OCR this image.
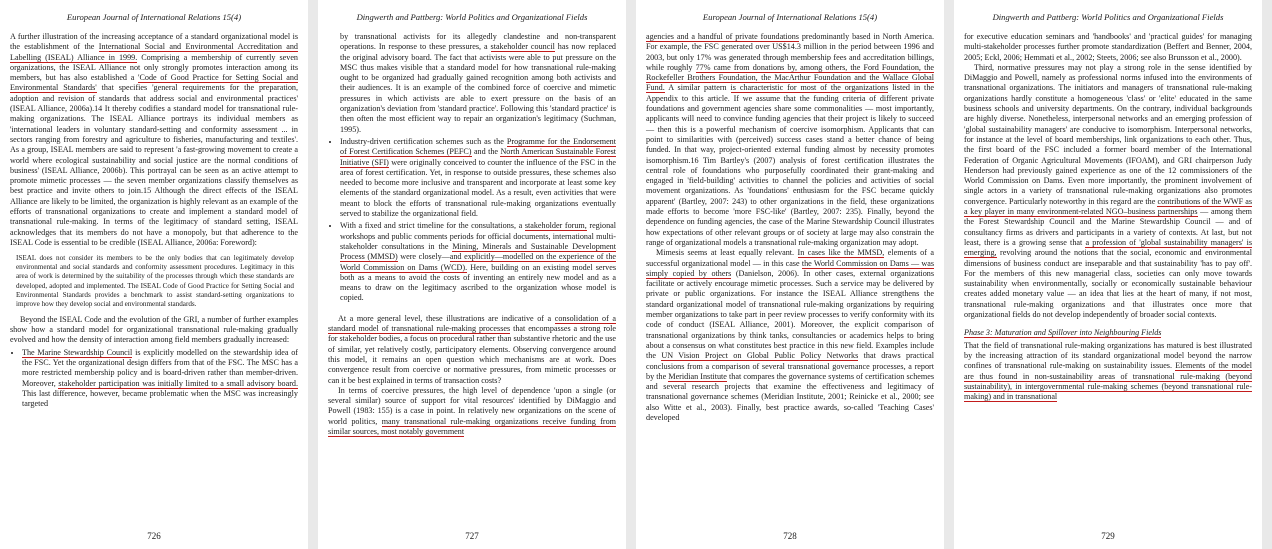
European Journal of International Relations 15(4)

A further illustration of the increasing acceptance of a standard organizational model is the establishment of the International Social and Environmental Accreditation and Labelling (ISEAL) Alliance in 1999. Comprising a membership of currently seven organizations, the ISEAL Alliance not only strongly promotes interaction among its members, but has also established a 'Code of Good Practice for Setting Social and Environmental Standards' that specifies 'general requirements for the preparation, adoption and revision of standards that address social and environmental practices' (ISEAL Alliance, 2006a).14 It thereby codifies a standard model for transnational rule-making organizations. The ISEAL Alliance portrays its individual members as 'international leaders in voluntary standard-setting and conformity assessment ... in sectors ranging from forestry and agriculture to fisheries, manufacturing and textiles'. As a group, ISEAL members are said to represent 'a fast-growing movement to create a world where ecological sustainability and social justice are the normal conditions of business' (ISEAL Alliance, 2006b). This portrayal can be seen as an active attempt to promote mimetic processes — the seven member organizations classify themselves as best practice and invite others to join.15 Although the direct effects of the ISEAL Alliance are likely to be limited, the organization is highly relevant as an example of the efforts of transnational organizations to create and implement a standard model of transnational rule-making. In terms of the legitimacy of standard setting, ISEAL acknowledges that its members do not have a monopoly, but that adherence to the ISEAL Code is essential to be credible (ISEAL Alliance, 2006a: Foreword):

ISEAL does not consider its members to be the only bodies that can legitimately develop environmental and social standards and conformity assessment procedures. Legitimacy in this area of work is determined by the suitability of the processes through which these standards are developed, adopted and implemented. The ISEAL Code of Good Practice for Setting Social and Environmental Standards provides a benchmark to assist standard-setting organizations to improve how they develop social and environmental standards.

Beyond the ISEAL Code and the evolution of the GRI, a number of further examples show how a standard model for organizational transnational rule-making gradually evolved and how the density of interaction among field members gradually increased:

• The Marine Stewardship Council is explicitly modelled on the stewardship idea of the FSC. Yet the organizational design differs from that of the FSC. The MSC has a more restricted membership policy and is board-driven rather than member-driven. Moreover, stakeholder participation was initially limited to a small advisory board. This last difference, however, became problematic when the MSC was increasingly targeted
726
Dingwerth and Pattberg: World Politics and Organizational Fields

by transnational activists for its allegedly clandestine and non-transparent operations. In response to these pressures, a stakeholder council has now replaced the original advisory board. The fact that activists were able to put pressure on the MSC thus makes visible that a standard model for how transnational rule-making ought to be organized had gradually gained recognition among both activists and their audiences. It is an example of the combined force of coercive and mimetic pressures in which activists are able to exert pressure on the basis of an organization's deviation from 'standard practice'. Following this 'standard practice' is then often the most efficient way to repair an organization's legitimacy (Suchman, 1995).

• Industry-driven certification schemes such as the Programme for the Endorsement of Forest Certification Schemes (PEFC) and the North American Sustainable Forest Initiative (SFI) were originally conceived to counter the influence of the FSC in the area of forest certification. Yet, in response to outside pressures, these schemes also needed to become more inclusive and transparent and incorporate at least some key elements of the standard organizational model. As a result, even activities that were meant to block the efforts of transnational rule-making organizations eventually served to stabilize the organizational field.
• With a fixed and strict timeline for the consultations, a stakeholder forum, regional workshops and public comments periods for official documents, international multi-stakeholder consultations in the Mining, Minerals and Sustainable Development Process (MMSD) were closely—and explicitly—modelled on the experience of the World Commission on Dams (WCD). Here, building on an existing model serves both as a means to avoid the costs of inventing an entirely new model and as a means to draw on the legitimacy ascribed to the organization whose model is copied.

At a more general level, these illustrations are indicative of a consolidation of a standard model of transnational rule-making processes that encompasses a strong role for stakeholder bodies, a focus on procedural rather than substantive rhetoric and the use of similar, yet relatively costly, participatory elements. Observing convergence around this model, it remains an open question which mechanisms are at work. Does convergence result from coercive or normative pressures, from mimetic processes or can it be best explained in terms of transaction costs?

In terms of coercive pressures, the high level of dependence 'upon a single (or several similar) source of support for vital resources' identified by DiMaggio and Powell (1983: 155) is a case in point. In relatively new organizations on the scene of world politics, many transnational rule-making organizations receive funding from similar sources, most notably government

727
European Journal of International Relations 15(4)

agencies and a handful of private foundations predominantly based in North America. For example, the FSC generated over US$14.3 million in the period between 1996 and 2003, but only 17% was generated through membership fees and accreditation billings, while roughly 77% came from donations by, among others, the Ford Foundation, the Rockefeller Brothers Foundation, the MacArthur Foundation and the Wallace Global Fund. A similar pattern is characteristic for most of the organizations listed in the Appendix to this article. If we assume that the funding criteria of different private foundations and government agencies share some commonalities — most importantly, applicants will need to convince funding agencies that their project is likely to succeed — then this is a powerful mechanism of coercive isomorphism. Applicants that can point to similarities with (perceived) success cases stand a better chance of being funded. In that way, project-oriented external funding almost by necessity promotes isomorphism.16 Tim Bartley's (2007) analysis of forest certification illustrates the central role of foundations who purposefully coordinated their grant-making and engaged in 'field-building' activities to channel the policies and activities of social movement organizations. As 'foundations' enthusiasm for the FSC became quickly apparent' (Bartley, 2007: 243) to other organizations in the field, these organizations made efforts to become 'more FSC-like' (Bartley, 2007: 235). Finally, beyond the dependence on funding agencies, the case of the Marine Stewardship Council illustrates how expectations of other relevant groups or of society at large may also constrain the range of organizational models a transnational rule-making organization may adopt.

Mimesis seems at least equally relevant. In cases like the MMSD, elements of a successful organizational model — in this case the World Commission on Dams — was simply copied by others (Danielson, 2006). In other cases, external organizations facilitate or actively encourage mimetic processes. Such a service may be delivered by private or public organizations. For instance the ISEAL Alliance strengthens the standard organizational model of transnational rule-making organizations by requiring member organizations to take part in peer review processes to verify conformity with its code of conduct (ISEAL Alliance, 2001). Moreover, the explicit comparison of transnational organizations by think tanks, consultancies or academics helps to bring about a consensus on what constitutes best practice in this new field. Examples include the UN Vision Project on Global Public Policy Networks that draws practical conclusions from a comparison of several transnational governance processes, a report by the Meridian Institute that compares the governance systems of certification schemes and several research projects that examine the effectiveness and legitimacy of transnational governance schemes (Meridian Institute, 2001; Reinicke et al., 2000; see also Witte et al., 2003). Finally, best practice awards, so-called 'Teaching Cases' developed

728
Dingwerth and Pattberg: World Politics and Organizational Fields

for executive education seminars and 'handbooks' and 'practical guides' for managing multi-stakeholder processes further promote standardization (Beffert and Benner, 2004, 2005; Eckl, 2006; Hemmati et al., 2002; Steets, 2006; see also Brunsson et al., 2000).

Third, normative pressures may not play a strong role in the sense identified by DiMaggio and Powell, namely as professional norms infused into the environments of transnational organizations. The initiators and managers of transnational rule-making organizations hardly constitute a homogeneous 'class' or 'elite' educated in the same business schools and university departments. On the contrary, individual backgrounds are highly diverse. Nonetheless, interpersonal networks and an emerging profession of 'global sustainability managers' are conducive to isomorphism. Interpersonal networks, for instance at the level of board memberships, link organizations to each other. Thus, the first board of the FSC included a former board member of the International Federation of Organic Agricultural Movements (IFOAM), and GRI chairperson Judy Henderson had previously gained experience as one of the 12 commissioners of the World Commission on Dams. Even more importantly, the prominent involvement of single actors in a variety of transnational rule-making organizations also promotes convergence. Particularly noteworthy in this regard are the contributions of the WWF as a key player in many environment-related NGO–business partnerships — among them the Forest Stewardship Council and the Marine Stewardship Council — and of consultancy firms as drivers and participants in a variety of contexts. At last, but not least, there is a growing sense that a profession of 'global sustainability managers' is emerging, revolving around the notions that the social, economic and environmental dimensions of business conduct are inseparable and that sustainability 'has to pay off'. For the members of this new managerial class, societies can only move towards sustainability when environmentally, socially or economically sustainable behaviour creates added monetary value — an idea that lies at the heart of many, if not most, transnational rule-making organizations and that illustrates once more that organizational fields do not develop independently of broader social contexts.

Phase 3: Maturation and Spillover into Neighbouring Fields

That the field of transnational rule-making organizations has matured is best illustrated by the increasing attraction of its standard organizational model beyond the narrow confines of transnational rule-making on sustainability issues. Elements of the model are thus found in non-sustainability areas of transnational rule-making (beyond sustainability), in intergovernmental rule-making schemes (beyond transnational rule-making) and in transnational

729
